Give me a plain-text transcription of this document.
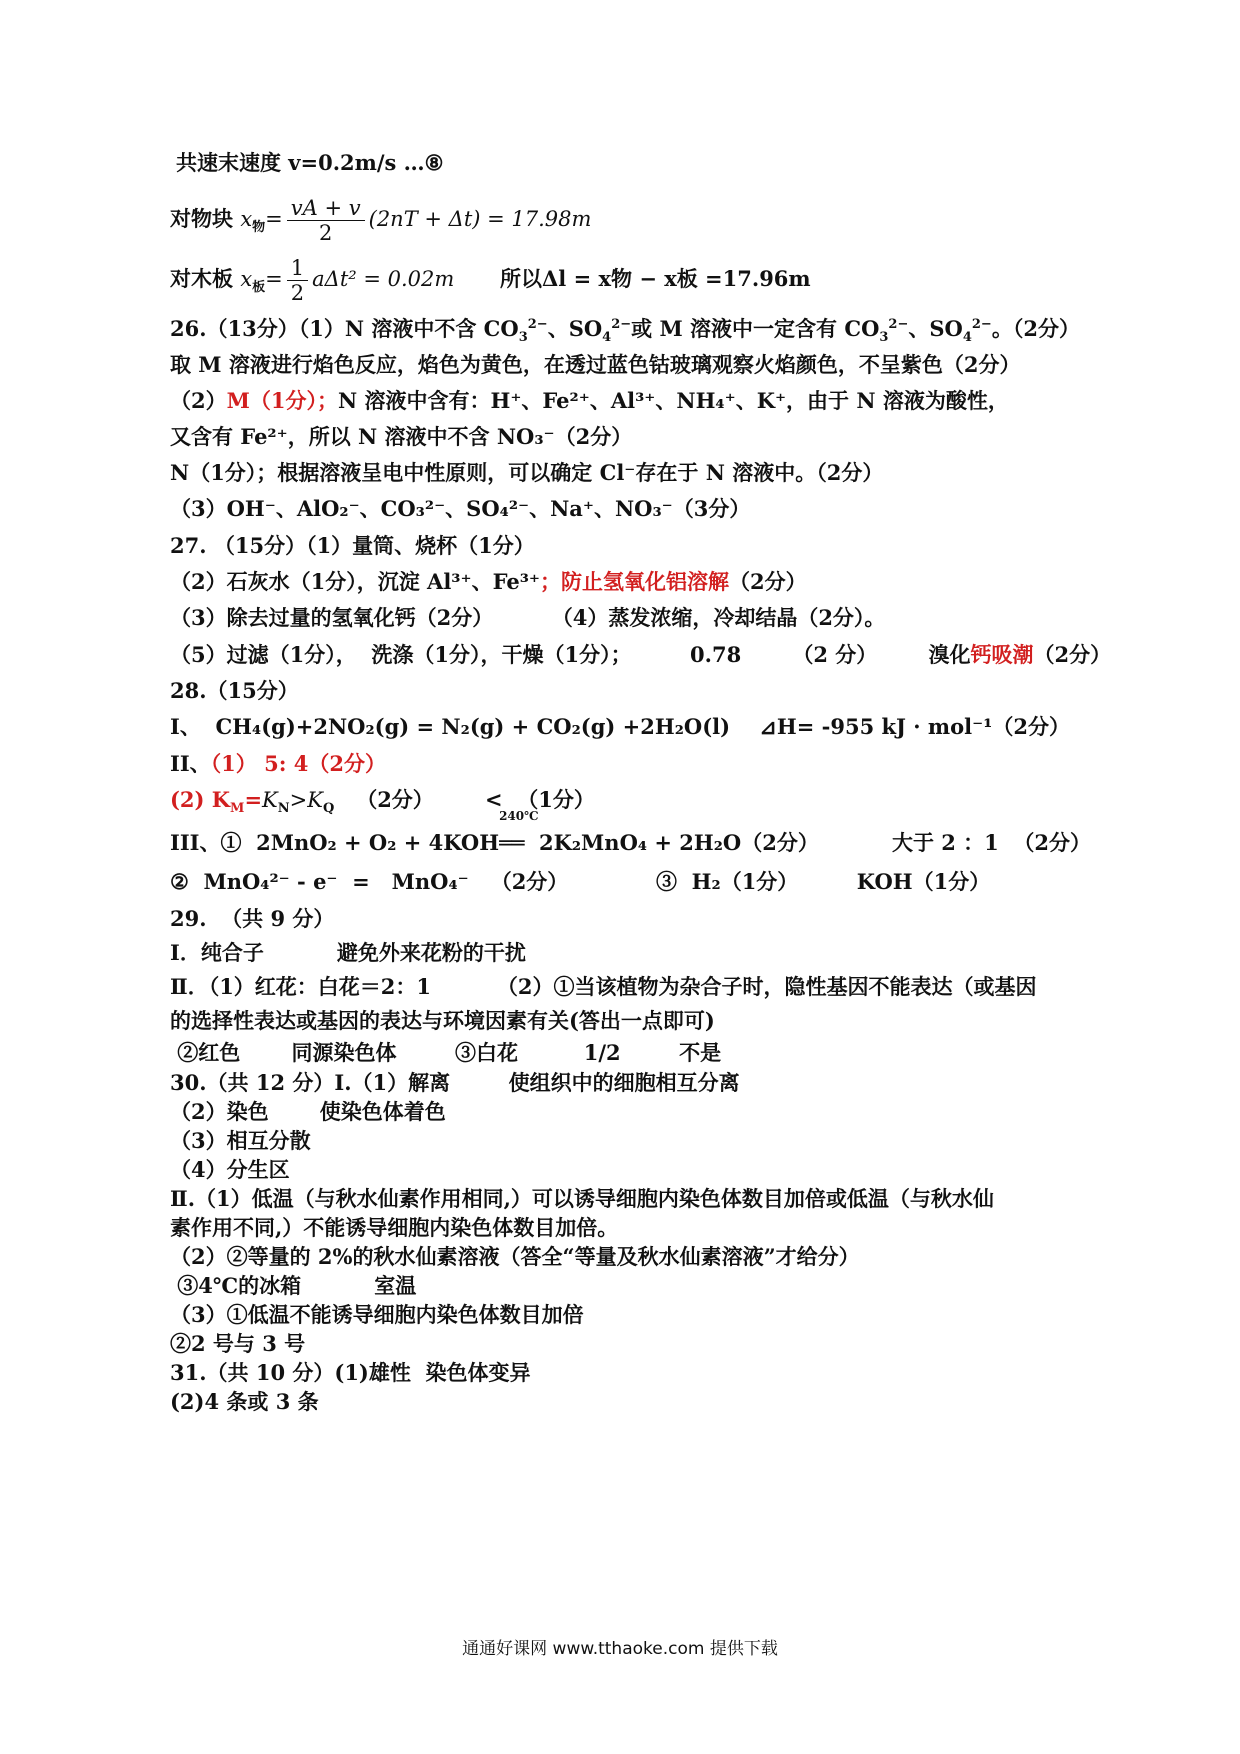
共速末速度 v=0.2m/s …⑧
对物块 $x_物= \frac{vA + v}{2} (2nT + \Delta t) = 17.98m$
对木板 $x_板= \frac{1}{2} a\Delta t^2 = 0.02m$ 所以Δl = x物 − x板 =17.96m
26.（13分）（1）N 溶液中不含 $CO_3^{2-}$、$SO_4^{2-}$或 M 溶液中一定含有 $CO_3^{2-}$、$SO_4^{2-}$。（2分）
取 M 溶液进行焰色反应，焰色为黄色，在透过蓝色钴玻璃观察火焰颜色，不呈紫色（2分）
（2）M（1分）；N 溶液中含有：H⁺、Fe²⁺、Al³⁺、NH₄⁺、K⁺，由于 N 溶液为酸性，
又含有 Fe²⁺，所以 N 溶液中不含 NO₃⁻（2分）
N（1分）；根据溶液呈电中性原则，可以确定 Cl⁻存在于 N 溶液中。（2分）
（3）OH⁻、AlO₂⁻、CO₃²⁻、SO₄²⁻、Na⁺、NO₃⁻（3分）
27. （15分）（1）量筒、烧杯（1分）
（2）石灰水（1分），沉淀 Al³⁺、Fe³⁺；防止氢氧化铝溶解（2分）
（3）除去过量的氢氧化钙（2分）        （4）蒸发浓缩，冷却结晶（2分）。
（5）过滤（1分），  洗涤（1分），干燥（1分）；        0.78       （2 分）       溴化钙吸潮（2分）
28.（15分）
I、  CH₄(g)+2NO₂(g) = N₂(g) + CO₂(g) +2H₂O(l)    ⊿H= -955 kJ · mol⁻¹（2分）
II、（1） 5: 4（2分）
(2) $K_M=K_N>K_Q$   （2分）       <  （1分）
III、①  2MnO₂ + O₂ + 4KOH
240℃
══  2K₂MnO₄ + 2H₂O（2分）          大于 2 ：1  （2分）
②  MnO₄²⁻ - e⁻  =   MnO₄⁻   （2分）            ③  H₂（1分）        KOH（1分）
29.  （共 9 分）
Ⅰ．纯合子          避免外来花粉的干扰
Ⅱ．（1）红花：白花＝2：1         （2）①当该植物为杂合子时，隐性基因不能表达（或基因
的选择性表达或基因的表达与环境因素有关(答出一点即可)
②红色       同源染色体        ③白花         1/2        不是
30.（共 12 分）Ⅰ.（1）解离        使组织中的细胞相互分离
（2）染色       使染色体着色
（3）相互分散
（4）分生区
Ⅱ.（1）低温（与秋水仙素作用相同,）可以诱导细胞内染色体数目加倍或低温（与秋水仙
素作用不同,）不能诱导细胞内染色体数目加倍。
（2）②等量的 2%的秋水仙素溶液（答全“等量及秋水仙素溶液”才给分）
③4℃的冰箱          室温
（3）①低温不能诱导细胞内染色体数目加倍
②2 号与 3 号
31.（共 10 分）(1)雄性  染色体变异
(2)4 条或 3 条
通通好课网 www.tthaoke.com 提供下载
